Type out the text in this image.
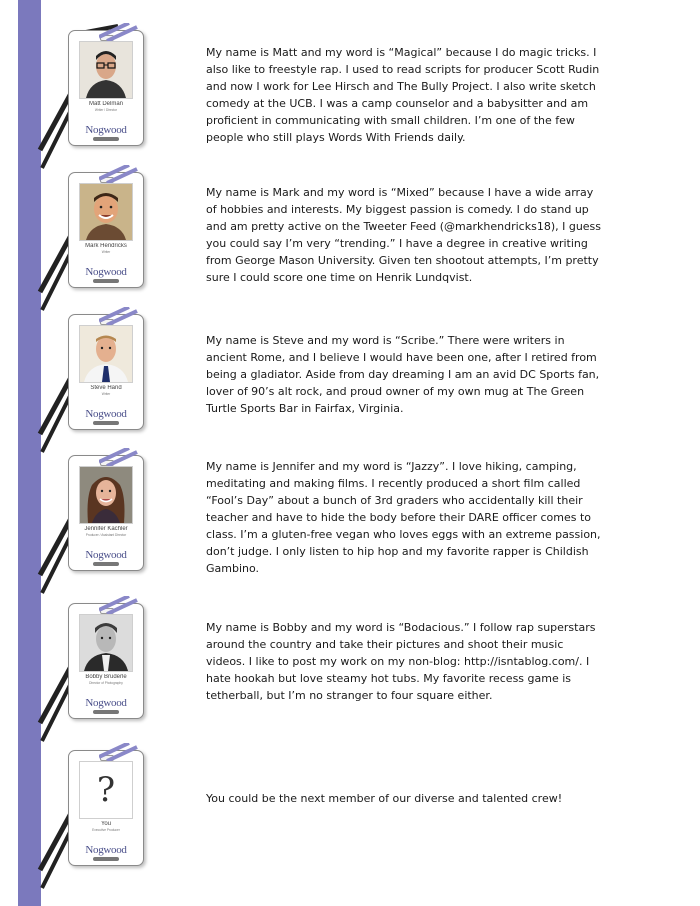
Matt Delman
Writer / Director
Nogwood

My name is Matt and my word is “Magical” because I do magic tricks. I also like to freestyle rap. I used to read scripts for producer Scott Rudin and now I work for Lee Hirsch and The Bully Project. I also write sketch comedy at the UCB. I was a camp counselor and a babysitter and am proficient in communicating with small children. I’m one of the few people who still plays Words With Friends daily.

Mark Hendricks
Writer
Nogwood

My name is Mark and my word is “Mixed” because I have a wide array of hobbies and interests. My biggest passion is comedy. I do stand up and am pretty active on the Tweeter Feed (@markhendricks18), I guess you could say I’m very “trending.” I have a degree in creative writing from George Mason University. Given ten shootout attempts, I’m pretty sure I could score one time on Henrik Lundqvist.

Steve Hand
Writer
Nogwood

My name is Steve and my word is “Scribe.” There were writers in ancient Rome, and I believe I would have been one, after I retired from being a gladiator. Aside from day dreaming I am an avid DC Sports fan, lover of 90’s alt rock, and proud owner of my own mug at The Green Turtle Sports Bar in Fairfax, Virginia.

Jennifer Kachler
Producer / Assistant Director
Nogwood

My name is Jennifer and my word is “Jazzy”. I love hiking, camping, meditating and making films. I recently produced a short film called “Fool’s Day” about a bunch of 3rd graders who accidentally kill their teacher and have to hide the body before their DARE officer comes to class. I’m a gluten-free vegan who loves eggs with an extreme passion, don’t judge. I only listen to hip hop and my favorite rapper is Childish Gambino.

Bobby Bruderle
Director of Photography
Nogwood

My name is Bobby and my word is “Bodacious.” I follow rap superstars around the country and take their pictures and shoot their music videos. I like to post my work on my non-blog: http://isntablog.com/. I hate hookah but love steamy hot tubs. My favorite recess game is tetherball, but I’m no stranger to four square either.

?
You
Executive Producer
Nogwood

You could be the next member of our diverse and talented crew!
